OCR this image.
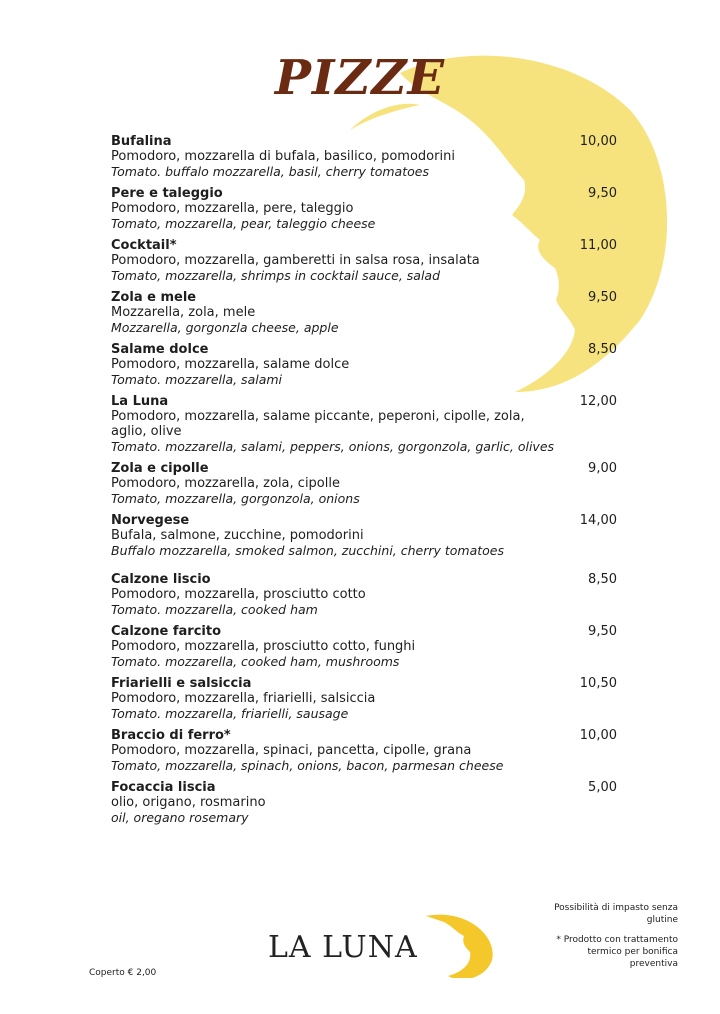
PIZZE
Bufalina
Pomodoro, mozzarella di bufala, basilico, pomodorini
Tomato. buffalo mozzarella, basil, cherry tomatoes
10,00
Pere e taleggio
Pomodoro, mozzarella, pere, taleggio
Tomato, mozzarella, pear, taleggio cheese
9,50
Cocktail*
Pomodoro, mozzarella, gamberetti in salsa rosa, insalata
Tomato, mozzarella, shrimps in cocktail sauce, salad
11,00
Zola e mele
Mozzarella, zola, mele
Mozzarella, gorgonzla cheese, apple
9,50
Salame dolce
Pomodoro, mozzarella, salame dolce
Tomato. mozzarella, salami
8,50
La Luna
Pomodoro, mozzarella, salame piccante, peperoni, cipolle, zola, aglio, olive
Tomato. mozzarella, salami, peppers, onions, gorgonzola, garlic, olives
12,00
Zola e cipolle
Pomodoro, mozzarella, zola, cipolle
Tomato, mozzarella, gorgonzola, onions
9,00
Norvegese
Bufala, salmone, zucchine, pomodorini
Buffalo mozzarella, smoked salmon, zucchini, cherry tomatoes
14,00
Calzone liscio
Pomodoro, mozzarella, prosciutto cotto
Tomato. mozzarella, cooked ham
8,50
Calzone farcito
Pomodoro, mozzarella, prosciutto cotto, funghi
Tomato. mozzarella, cooked ham, mushrooms
9,50
Friarielli e salsiccia
Pomodoro, mozzarella, friarielli, salsiccia
Tomato. mozzarella, friarielli, sausage
10,50
Braccio di ferro*
Pomodoro, mozzarella, spinaci, pancetta, cipolle, grana
Tomato, mozzarella, spinach, onions, bacon, parmesan cheese
10,00
Focaccia liscia
olio, origano, rosmarino
oil, oregano rosemary
5,00
Coperto € 2,00
LA LUNA
Possibilità di impasto senza glutine
* Prodotto con trattamento termico per bonifica preventiva
